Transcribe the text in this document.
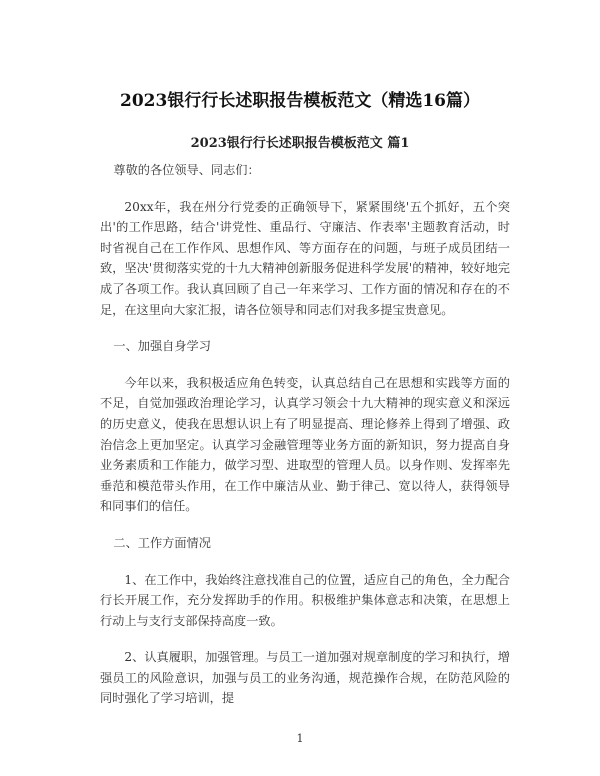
2023银行行长述职报告模板范文（精选16篇）
2023银行行长述职报告模板范文 篇1

尊敬的各位领导、同志们：

20xx年，我在州分行党委的正确领导下，紧紧围绕'五个抓好，五个突出'的工作思路，结合'讲党性、重品行、守廉洁、作表率'主题教育活动，时时省视自己在工作作风、思想作风、等方面存在的问题，与班子成员团结一致，坚决'贯彻落实党的十九大精神创新服务促进科学发展'的精神，较好地完成了各项工作。我认真回顾了自己一年来学习、工作方面的情况和存在的不足，在这里向大家汇报，请各位领导和同志们对我多提宝贵意见。

一、加强自身学习

今年以来，我积极适应角色转变，认真总结自己在思想和实践等方面的不足，自觉加强政治理论学习，认真学习领会十九大精神的现实意义和深远的历史意义，使我在思想认识上有了明显提高、理论修养上得到了增强、政治信念上更加坚定。认真学习金融管理等业务方面的新知识，努力提高自身业务素质和工作能力，做学习型、进取型的管理人员。以身作则、发挥率先垂范和模范带头作用，在工作中廉洁从业、勤于律己、宽以待人，获得领导和同事们的信任。

二、工作方面情况

1、在工作中，我始终注意找准自己的位置，适应自己的角色，全力配合行长开展工作，充分发挥助手的作用。积极维护集体意志和决策，在思想上行动上与支行支部保持高度一致。

2、认真履职，加强管理。与员工一道加强对规章制度的学习和执行，增强员工的风险意识，加强与员工的业务沟通，规范操作合规，在防范风险的同时强化了学习培训，提

1
